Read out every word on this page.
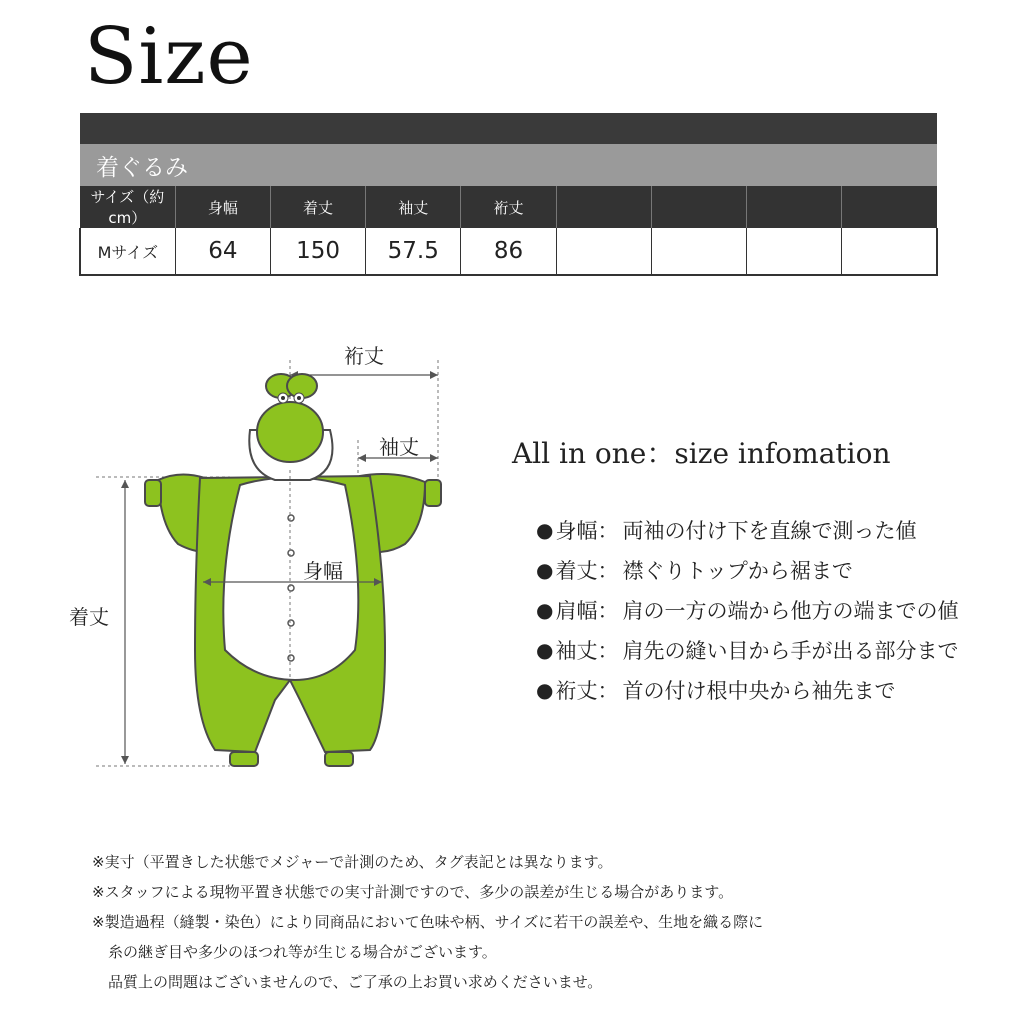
Size

着ぐるみ								
サイズ（約cm）	身幅	着丈	袖丈	裄丈				
Mサイズ	64	150	57.5	86				
裄丈
袖丈
身幅
着丈
All in one：size infomation
● 身幅： 両袖の付け下を直線で測った値
● 着丈： 襟ぐりトップから裾まで
● 肩幅： 肩の一方の端から他方の端までの値
● 袖丈： 肩先の縫い目から手が出る部分まで
● 裄丈： 首の付け根中央から袖先まで
※実寸（平置きした状態でメジャーで計測のため、タグ表記とは異なります。
※スタッフによる現物平置き状態での実寸計測ですので、多少の誤差が生じる場合があります。
※製造過程（縫製・染色）により同商品において色味や柄、サイズに若干の誤差や、生地を織る際に
糸の継ぎ目や多少のほつれ等が生じる場合がございます。
品質上の問題はございませんので、ご了承の上お買い求めくださいませ。
